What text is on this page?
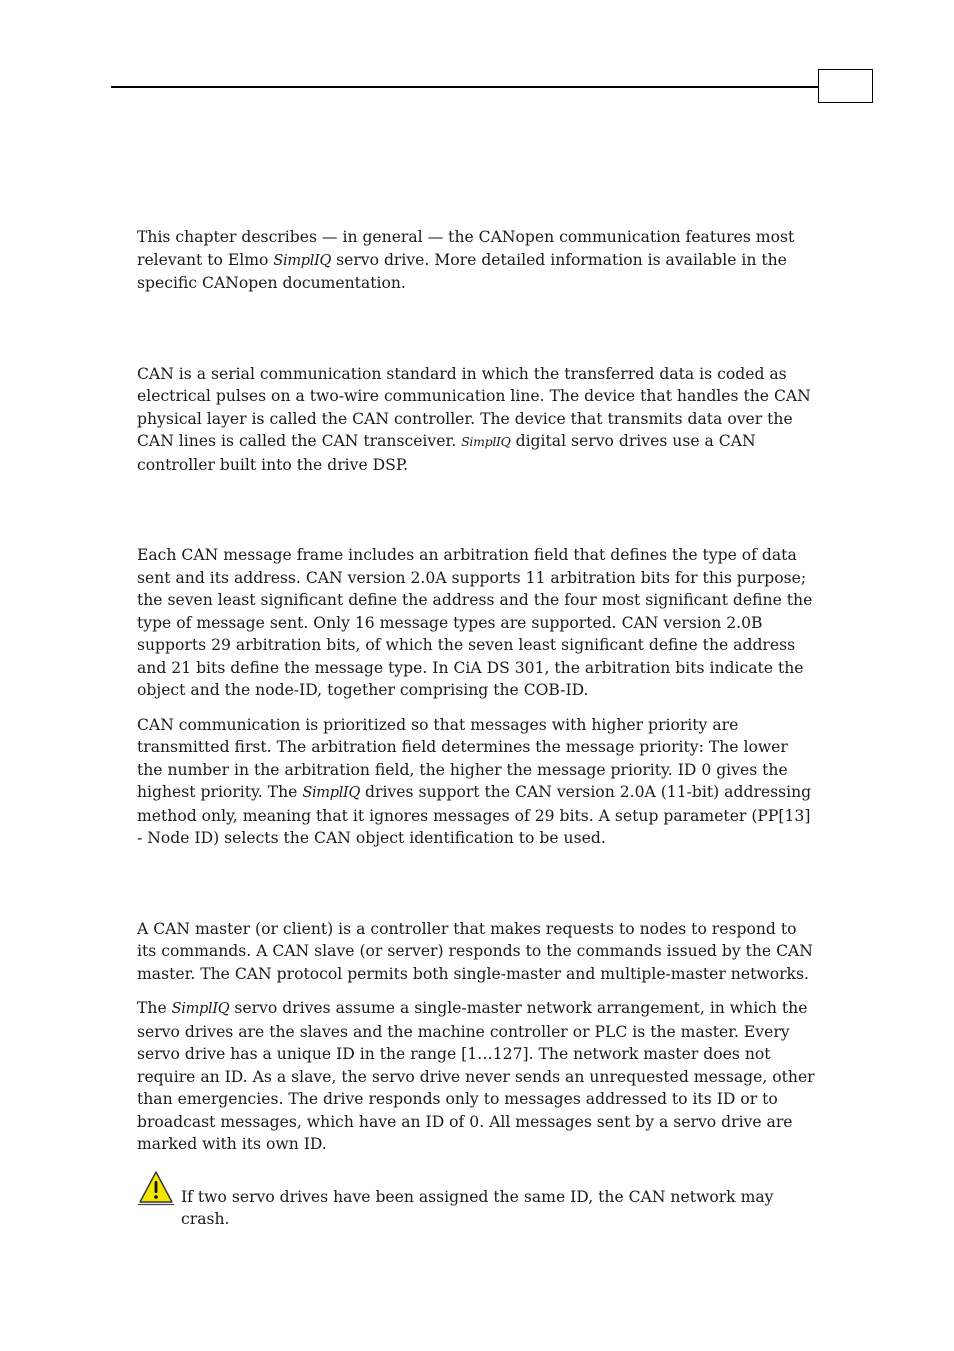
This chapter describes — in general — the CANopen communication features most relevant to Elmo SimplIQ servo drive. More detailed information is available in the specific CANopen documentation.

CAN is a serial communication standard in which the transferred data is coded as electrical pulses on a two-wire communication line. The device that handles the CAN physical layer is called the CAN controller. The device that transmits data over the CAN lines is called the CAN transceiver. SimplIQ digital servo drives use a CAN controller built into the drive DSP.

Each CAN message frame includes an arbitration field that defines the type of data sent and its address. CAN version 2.0A supports 11 arbitration bits for this purpose; the seven least significant define the address and the four most significant define the type of message sent. Only 16 message types are supported. CAN version 2.0B supports 29 arbitration bits, of which the seven least significant define the address and 21 bits define the message type. In CiA DS 301, the arbitration bits indicate the object and the node-ID, together comprising the COB-ID.

CAN communication is prioritized so that messages with higher priority are transmitted first. The arbitration field determines the message priority: The lower the number in the arbitration field, the higher the message priority. ID 0 gives the highest priority. The SimplIQ drives support the CAN version 2.0A (11-bit) addressing method only, meaning that it ignores messages of 29 bits. A setup parameter (PP[13] - Node ID) selects the CAN object identification to be used.

A CAN master (or client) is a controller that makes requests to nodes to respond to its commands. A CAN slave (or server) responds to the commands issued by the CAN master. The CAN protocol permits both single-master and multiple-master networks.

The SimplIQ servo drives assume a single-master network arrangement, in which the servo drives are the slaves and the machine controller or PLC is the master. Every servo drive has a unique ID in the range [1…127]. The network master does not require an ID. As a slave, the servo drive never sends an unrequested message, other than emergencies. The drive responds only to messages addressed to its ID or to broadcast messages, which have an ID of 0. All messages sent by a servo drive are marked with its own ID.

If two servo drives have been assigned the same ID, the CAN network may crash.
